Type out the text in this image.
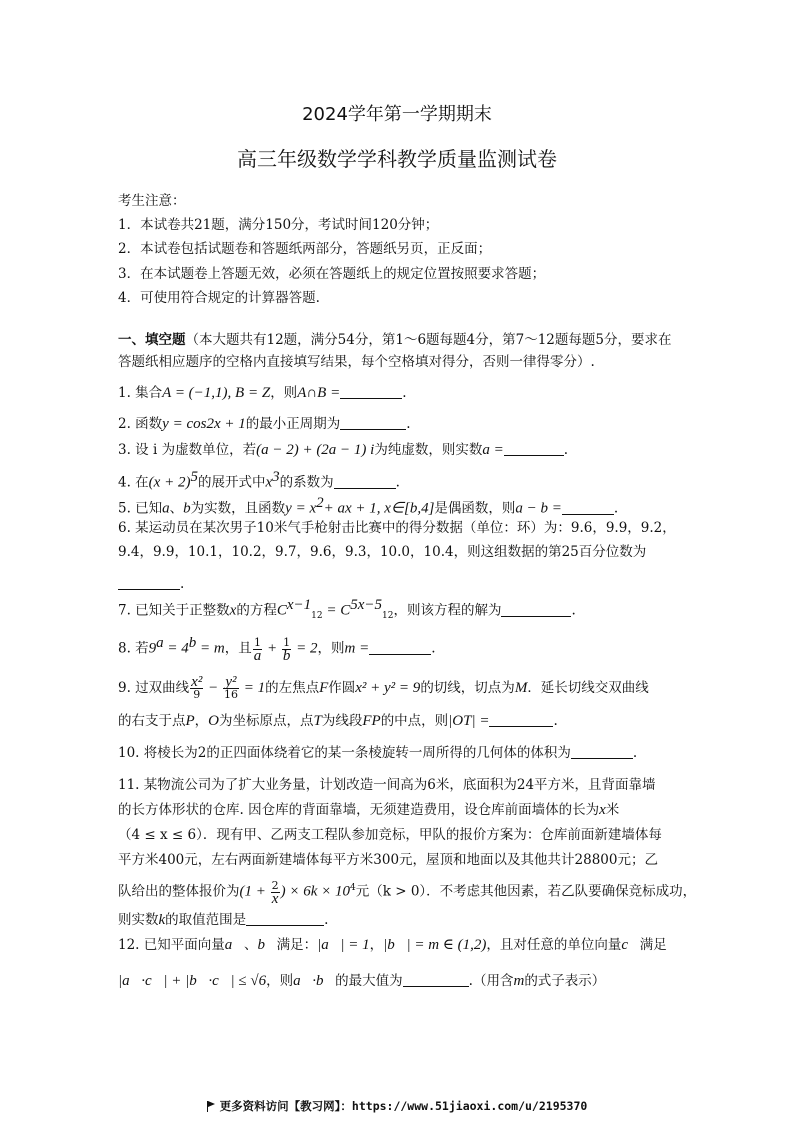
2024学年第一学期期末
高三年级数学学科教学质量监测试卷
考生注意：
1．本试卷共21题，满分150分，考试时间120分钟；
2．本试卷包括试题卷和答题纸两部分，答题纸另页，正反面；
3．在本试题卷上答题无效，必须在答题纸上的规定位置按照要求答题；
4．可使用符合规定的计算器答题.
一、填空题（本大题共有12题，满分54分，第1～6题每题4分，第7～12题每题5分，要求在答题纸相应题序的空格内直接填写结果，每个空格填对得分，否则一律得零分）.
1. 集合A = (−1,1), B = Z，则A∩B =	.
2. 函数y = cos2x + 1的最小正周期为	.
3. 设 i 为虚数单位，若(a − 2) + (2a − 1) i为纯虚数，则实数a =	.
4. 在$(x + 2)^5$的展开式中$x^3$的系数为	.
5. 已知a、b为实数，且函数$y = x^2+$ ax + 1, x∈[b,4]是偶函数，则a − b =	.
6. 某运动员在某次男子10米气手枪射击比赛中的得分数据（单位：环）为：9.6，9.9，9.2，
9.4，9.9，10.1，10.2，9.7，9.6，9.3，10.0，10.4，则这组数据的第25百分位数为
.
7. 已知关于正整数x的方程$C^{x-1}_{12} = C^{5x-5}_{12}$，则该方程的解为	.
8. 若$9^a = 4^b = m$，且 $\frac{1}{a} + \frac{1}{b} = 2$，则m =	.
9. 过双曲线 $\frac{\text{x²}}{9} - \frac{\text{y²}}{16} = 1$的左焦点F作圆x² + y² = 9的切线，切点为M．延长切线交双曲线
的右支于点P，O为坐标原点，点T为线段FP的中点，则|OT| =	.
10. 将棱长为2的正四面体绕着它的某一条棱旋转一周所得的几何体的体积为	.
11. 某物流公司为了扩大业务量，计划改造一间高为6米，底面积为24平方米，且背面靠墙
的长方体形状的仓库. 因仓库的背面靠墙，无须建造费用，设仓库前面墙体的长为x米
（4 ≤ x ≤ 6）．现有甲、乙两支工程队参加竞标，甲队的报价方案为：仓库前面新建墙体每
平方米400元，左右两面新建墙体每平方米300元，屋顶和地面以及其他共计28800元；乙
队给出的整体报价为($1 + \frac{2}{x}$ ) × $6k \times 10^4$元（k > 0）．不考虑其他因素，若乙队要确保竞标成功，
则实数k的取值范围是	.
12. 已知平面向量a⃗、b⃗满足：|a⃗| = 1，|b⃗| = m ∈ (1,2)，且对任意的单位向量c⃗满足
|a⃗·c⃗| + |b⃗·c⃗| ≤ √6，则a⃗·b⃗的最大值为	.（用含m的式子表示）
更多资料访问【教习网】：https://www.51jiaoxi.com/u/2195370
